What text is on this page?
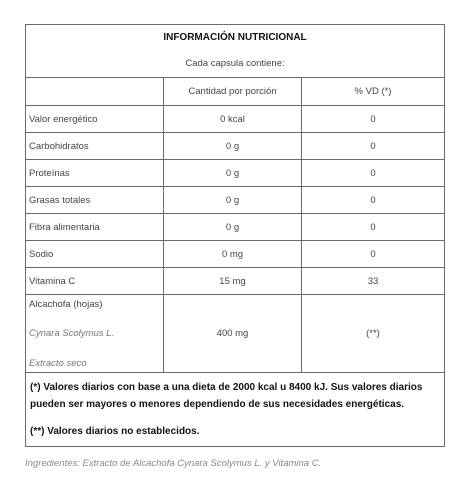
INFORMACIÓN NUTRICIONAL		
Cada capsula contiene:		
	Cantidad por porción	% VD (*)
Valor energético	0 kcal	0
Carbohidratos	0 g	0
Proteínas	0 g	0
Grasas totales	0 g	0
Fibra alimentaria	0 g	0
Sodio	0 mg	0
Vitamina C	15 mg	33

Alcachofa (hojas)
Cynara Scolymus L.
Extracto seco	400 mg	(**)

(*) Valores diarios con base a una dieta de 2000 kcal u 8400 kJ. Sus valores diarios pueden ser mayores o menores dependiendo de sus necesidades energéticas.

(**) Valores diarios no establecidos.		

Ingredientes: Extracto de Alcachofa Cynara Scolymus L. y Vitamina C.
